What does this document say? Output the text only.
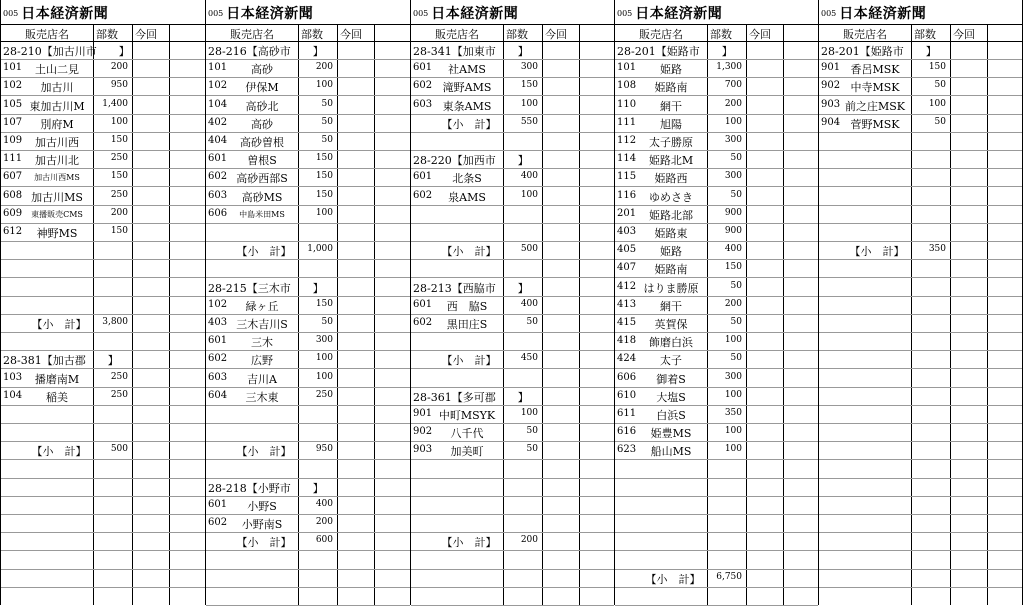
005 日本経済新聞
販売店名	部数 今回
28-210【加古川市　　】
101	土山二見	200
102	加古川	950
105 東加古川M	1,400
107	別府M	100
109	加古川西	150
111	加古川北	250
607	加古川西MS	150
608 加古川MS	250
609	東播販売CMS	200
612	神野MS	150
【小　計】	3,800
28-381【加古郡　　】
103	播磨南M	250
104	稲美	250
【小　計】	500
005 日本経済新聞
販売店名	部数 今回
28-216【高砂市　　】
101	高砂	200
102	伊保M	100
104	高砂北	50
402	高砂	50
404	高砂曽根	50
601	曽根S	150
602 高砂西部S	150
603	高砂MS	150
606	中島米田MS	100
【小　計】	1,000
28-215【三木市　　】
102	緑ヶ丘	150
403 三木吉川S	50
601	三木	300
602	広野	100
603	吉川A	100
604	三木東	250
【小　計】	950
28-218【小野市　　】
601	小野S	400
602	小野南S	200
【小　計】	600
005 日本経済新聞
販売店名	部数 今回
28-341【加東市　　】
601	社AMS	300
602 滝野AMS	150
603 東条AMS	100
【小　計】	550
28-220【加西市　　】
601	北条S	400
602	泉AMS	100
【小　計】	500
28-213【西脇市　　】
601	西　脇S	400
602	黒田庄S	50
【小　計】	450
28-361【多可郡　　】
901 中町MSYK	100
902	八千代	50
903	加美町	50
【小　計】	200
005 日本経済新聞
販売店名	部数 今回
28-201【姫路市　　】
101	姫路	1,300
108	姫路南	700
110	網干	200
111	旭陽	100
112	太子勝原	300
114	姫路北M	50
115	姫路西	300
116	ゆめさき	50
201	姫路北部	900
403	姫路東	900
405	姫路	400
407	姫路南	150
412 はりま勝原	50
413	網干	200
415	英賀保	50
418	飾磨白浜	100
424	太子	50
606	御着S	300
610	大塩S	100
611	白浜S	350
616	姫豊MS	100
623	船山MS	100
【小　計】	6,750
005 日本経済新聞
販売店名	部数 今回
28-201【姫路市　　】
901 香呂MSK	150
902 中寺MSK	50
903 前之庄MSK	100
904 菅野MSK	50
【小　計】	350
